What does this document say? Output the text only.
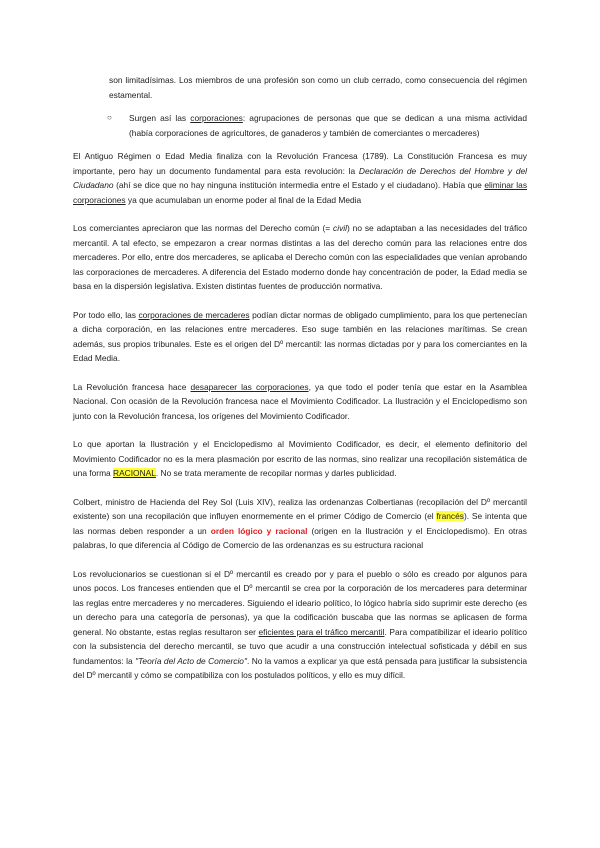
son limitadísimas. Los miembros de una profesión son como un club cerrado, como consecuencia del régimen estamental.

○ Surgen así las corporaciones: agrupaciones de personas que que se dedican a una misma actividad (había corporaciones de agricultores, de ganaderos y también de comerciantes o mercaderes)

El Antiguo Régimen o Edad Media finaliza con la Revolución Francesa (1789). La Constitución Francesa es muy importante, pero hay un documento fundamental para esta revolución: la Declaración de Derechos del Hombre y del Ciudadano (ahí se dice que no hay ninguna institución intermedia entre el Estado y el ciudadano). Había que eliminar las corporaciones ya que acumulaban un enorme poder al final de la Edad Media

Los comerciantes apreciaron que las normas del Derecho común (= civil) no se adaptaban a las necesidades del tráfico mercantil. A tal efecto, se empezaron a crear normas distintas a las del derecho común para las relaciones entre dos mercaderes. Por ello, entre dos mercaderes, se aplicaba el Derecho común con las especialidades que venían aprobando las corporaciones de mercaderes. A diferencia del Estado moderno donde hay concentración de poder, la Edad media se basa en la dispersión legislativa. Existen distintas fuentes de producción normativa.

Por todo ello, las corporaciones de mercaderes podían dictar normas de obligado cumplimiento, para los que pertenecían a dicha corporación, en las relaciones entre mercaderes. Eso suge también en las relaciones marítimas. Se crean además, sus propios tribunales. Este es el origen del Dº mercantil: las normas dictadas por y para los comerciantes en la Edad Media.

La Revolución francesa hace desaparecer las corporaciones, ya que todo el poder tenía que estar en la Asamblea Nacional. Con ocasión de la Revolución francesa nace el Movimiento Codificador. La Ilustración y el Enciclopedismo son junto con la Revolución francesa, los orígenes del Movimiento Codificador.

Lo que aportan la Ilustración y el Enciclopedismo al Movimiento Codificador, es decir, el elemento definitorio del Movimiento Codificador no es la mera plasmación por escrito de las normas, sino realizar una recopilación sistemática de una forma RACIONAL. No se trata meramente de recopilar normas y darles publicidad.

Colbert, ministro de Hacienda del Rey Sol (Luis XIV), realiza las ordenanzas Colbertianas (recopilación del Dº mercantil existente) son una recopilación que influyen enormemente en el primer Código de Comercio (el francés). Se intenta que las normas deben responder a un orden lógico y racional (origen en la Ilustración y el Enciclopedismo). En otras palabras, lo que diferencia al Código de Comercio de las ordenanzas es su estructura racional

Los revolucionarios se cuestionan si el Dº mercantil es creado por y para el pueblo o sólo es creado por algunos para unos pocos. Los franceses entienden que el Dº mercantil se crea por la corporación de los mercaderes para determinar las reglas entre mercaderes y no mercaderes. Siguiendo el ideario político, lo lógico habría sido suprimir este derecho (es un derecho para una categoría de personas), ya que la codificación buscaba que las normas se aplicasen de forma general. No obstante, estas reglas resultaron ser eficientes para el tráfico mercantil. Para compatibilizar el ideario político con la subsistencia del derecho mercantil, se tuvo que acudir a una construcción intelectual sofisticada y débil en sus fundamentos: la "Teoría del Acto de Comercio". No la vamos a explicar ya que está pensada para justificar la subsistencia del Dº mercantil y cómo se compatibiliza con los postulados políticos, y ello es muy difícil.
